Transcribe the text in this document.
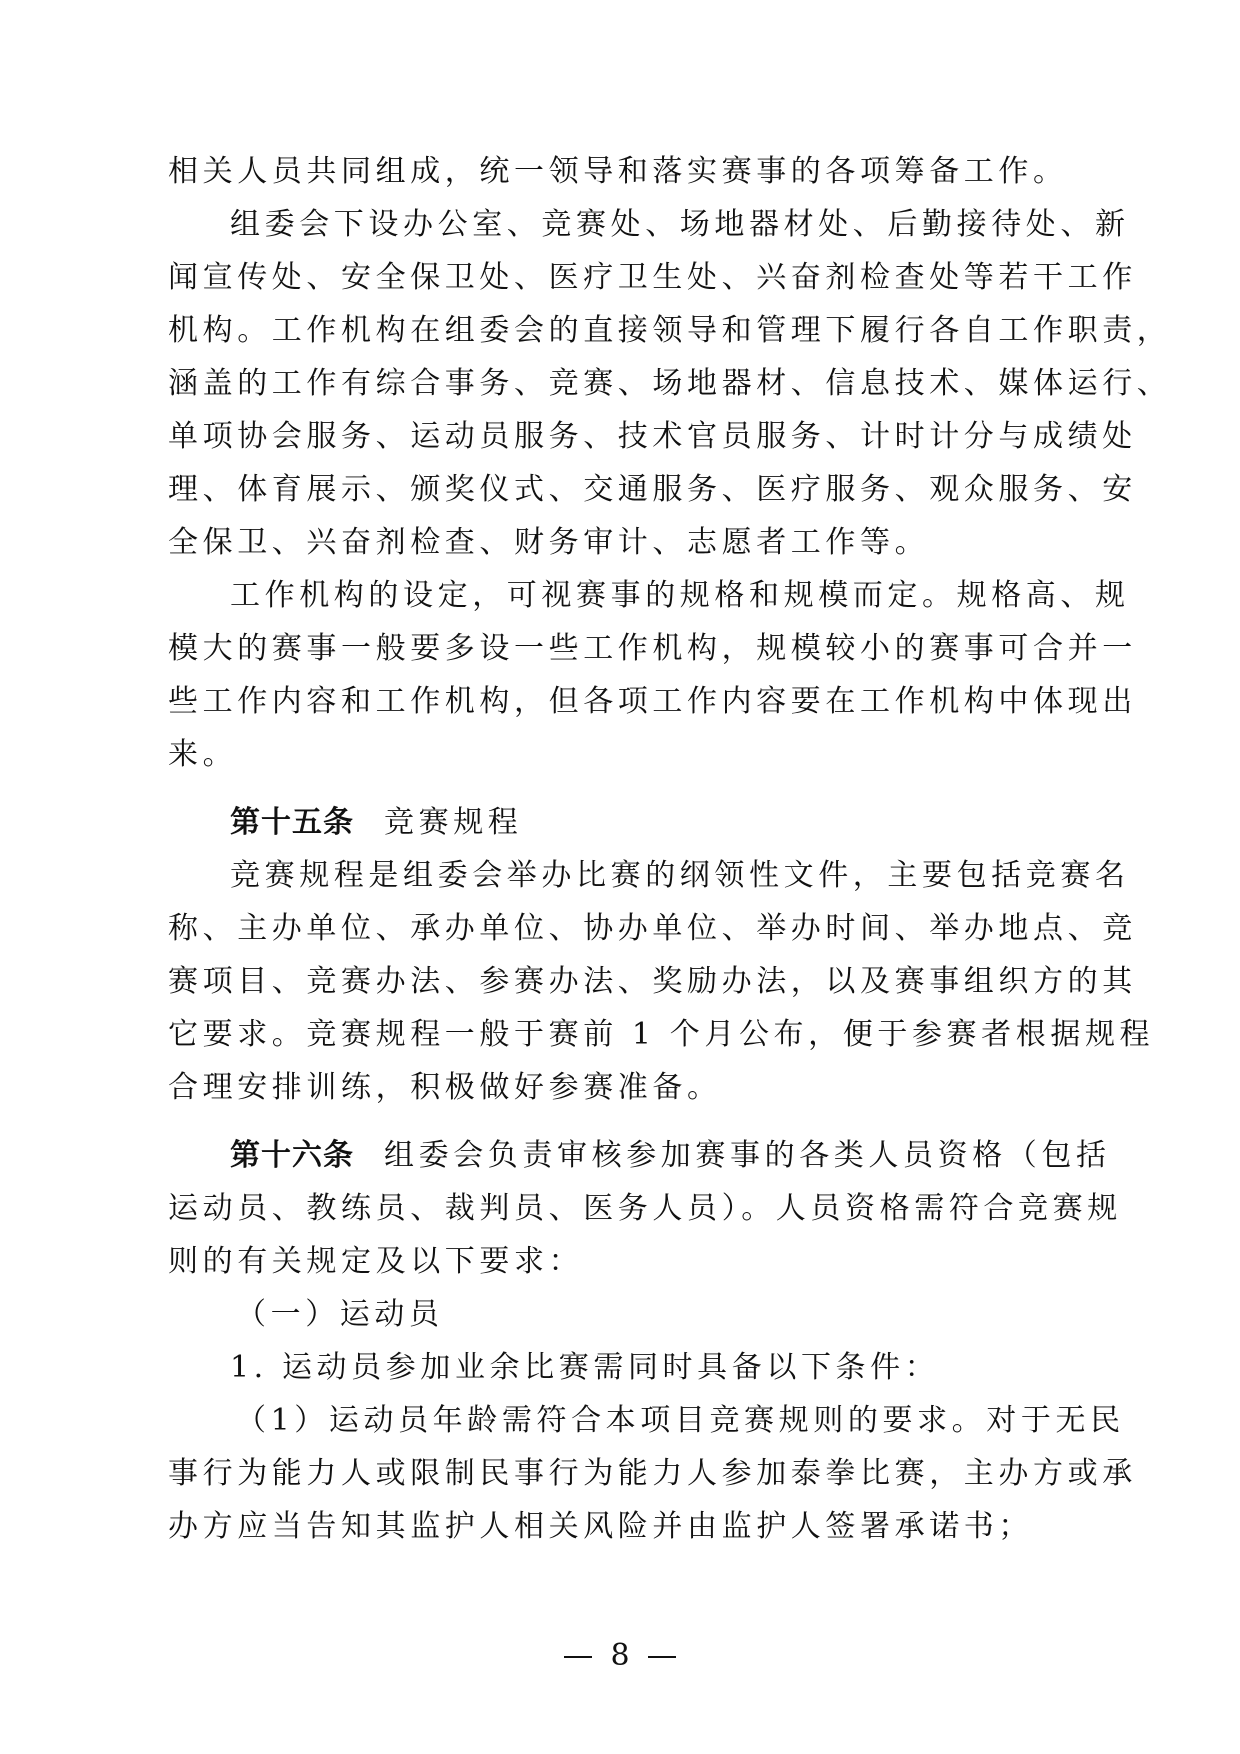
相关人员共同组成，统一领导和落实赛事的各项筹备工作。
组委会下设办公室、竞赛处、场地器材处、后勤接待处、新
闻宣传处、安全保卫处、医疗卫生处、兴奋剂检查处等若干工作
机构。工作机构在组委会的直接领导和管理下履行各自工作职责，
涵盖的工作有综合事务、竞赛、场地器材、信息技术、媒体运行、
单项协会服务、运动员服务、技术官员服务、计时计分与成绩处
理、体育展示、颁奖仪式、交通服务、医疗服务、观众服务、安
全保卫、兴奋剂检查、财务审计、志愿者工作等。
工作机构的设定，可视赛事的规格和规模而定。规格高、规
模大的赛事一般要多设一些工作机构，规模较小的赛事可合并一
些工作内容和工作机构，但各项工作内容要在工作机构中体现出
来。
第十五条 竞赛规程
竞赛规程是组委会举办比赛的纲领性文件，主要包括竞赛名
称、主办单位、承办单位、协办单位、举办时间、举办地点、竞
赛项目、竞赛办法、参赛办法、奖励办法，以及赛事组织方的其
它要求。竞赛规程一般于赛前 1 个月公布，便于参赛者根据规程
合理安排训练，积极做好参赛准备。
第十六条 组委会负责审核参加赛事的各类人员资格（包括
运动员、教练员、裁判员、医务人员）。人员资格需符合竞赛规
则的有关规定及以下要求：
（一）运动员
1. 运动员参加业余比赛需同时具备以下条件：
（1）运动员年龄需符合本项目竞赛规则的要求。对于无民
事行为能力人或限制民事行为能力人参加泰拳比赛，主办方或承
办方应当告知其监护人相关风险并由监护人签署承诺书；
8
